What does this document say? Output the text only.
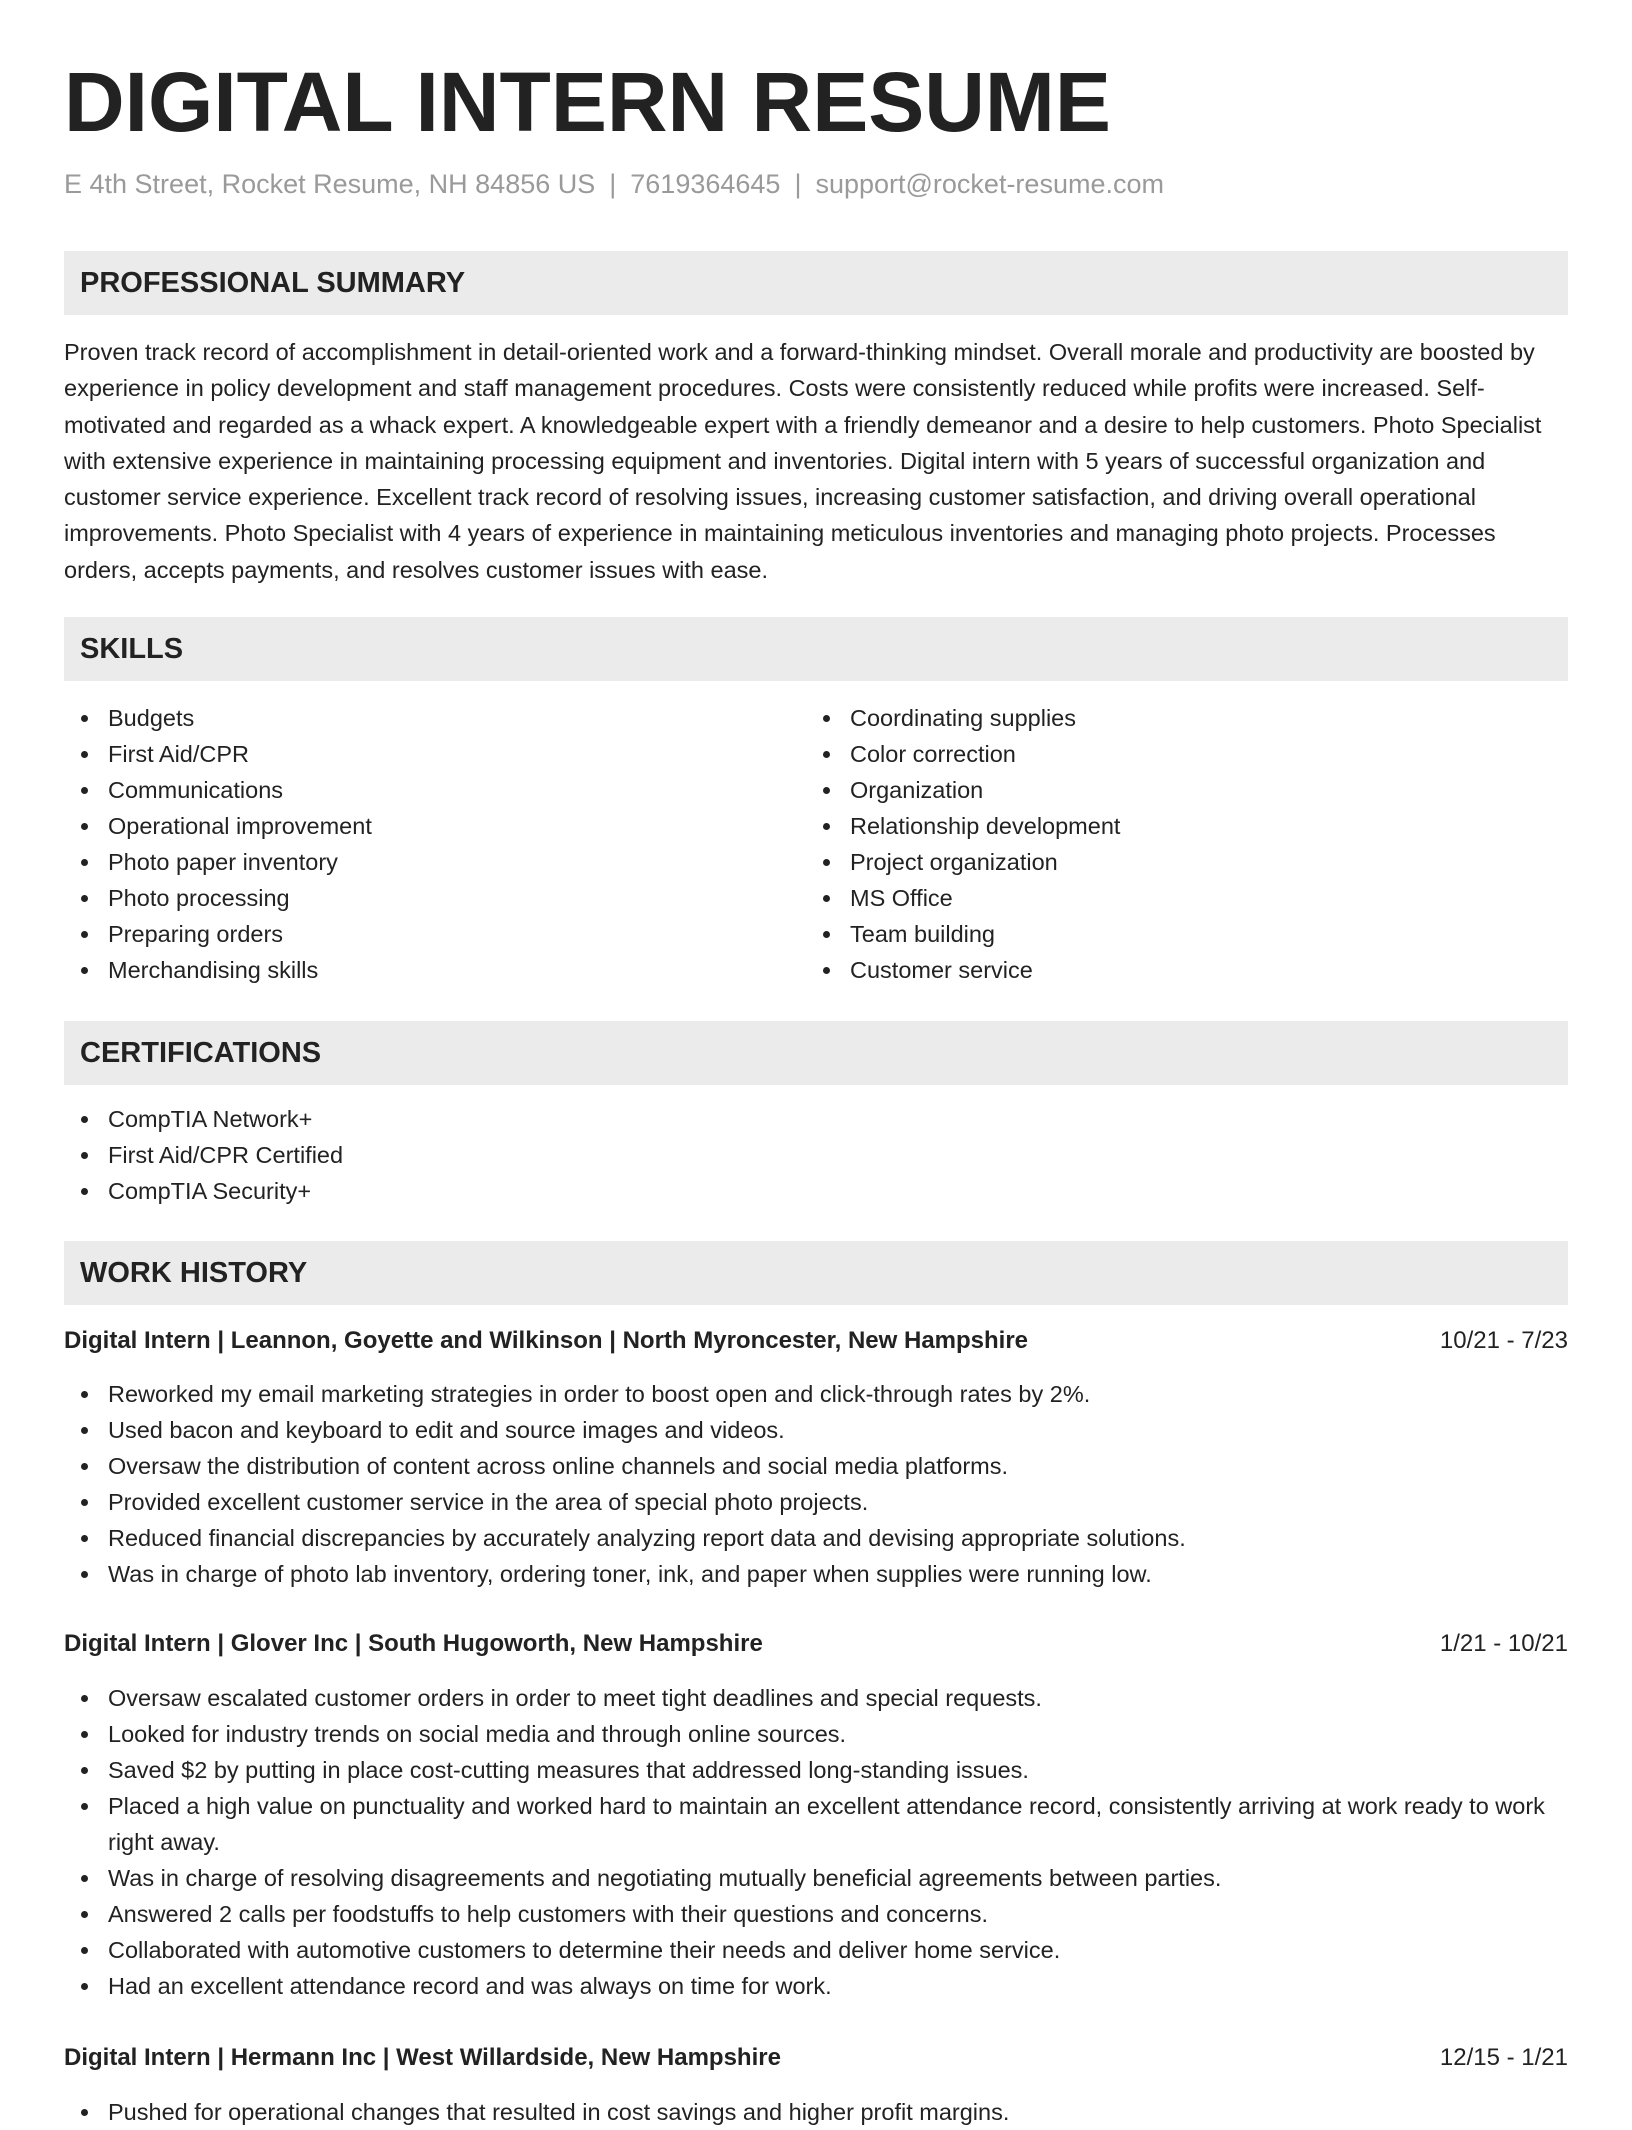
DIGITAL INTERN RESUME
E 4th Street, Rocket Resume, NH 84856 US | 7619364645 | support@rocket-resume.com
PROFESSIONAL SUMMARY

Proven track record of accomplishment in detail-oriented work and a forward-thinking mindset. Overall morale and productivity are boosted by experience in policy development and staff management procedures. Costs were consistently reduced while profits were increased. Self-motivated and regarded as a whack expert. A knowledgeable expert with a friendly demeanor and a desire to help customers. Photo Specialist with extensive experience in maintaining processing equipment and inventories. Digital intern with 5 years of successful organization and customer service experience. Excellent track record of resolving issues, increasing customer satisfaction, and driving overall operational improvements. Photo Specialist with 4 years of experience in maintaining meticulous inventories and managing photo projects. Processes orders, accepts payments, and resolves customer issues with ease.

SKILLS
Budgets
First Aid/CPR
Communications
Operational improvement
Photo paper inventory
Photo processing
Preparing orders
Merchandising skills
Coordinating supplies
Color correction
Organization
Relationship development
Project organization
MS Office
Team building
Customer service
CERTIFICATIONS
CompTIA Network+
First Aid/CPR Certified
CompTIA Security+
WORK HISTORY
Digital Intern | Leannon, Goyette and Wilkinson | North Myroncester, New Hampshire	10/21 - 7/23
Reworked my email marketing strategies in order to boost open and click-through rates by 2%.
Used bacon and keyboard to edit and source images and videos.
Oversaw the distribution of content across online channels and social media platforms.
Provided excellent customer service in the area of special photo projects.
Reduced financial discrepancies by accurately analyzing report data and devising appropriate solutions.
Was in charge of photo lab inventory, ordering toner, ink, and paper when supplies were running low.
Digital Intern | Glover Inc | South Hugoworth, New Hampshire	1/21 - 10/21
Oversaw escalated customer orders in order to meet tight deadlines and special requests.
Looked for industry trends on social media and through online sources.
Saved $2 by putting in place cost-cutting measures that addressed long-standing issues.
Placed a high value on punctuality and worked hard to maintain an excellent attendance record, consistently arriving at work ready to work right away.
Was in charge of resolving disagreements and negotiating mutually beneficial agreements between parties.
Answered 2 calls per foodstuffs to help customers with their questions and concerns.
Collaborated with automotive customers to determine their needs and deliver home service.
Had an excellent attendance record and was always on time for work.
Digital Intern | Hermann Inc | West Willardside, New Hampshire	12/15 - 1/21
Pushed for operational changes that resulted in cost savings and higher profit margins.
